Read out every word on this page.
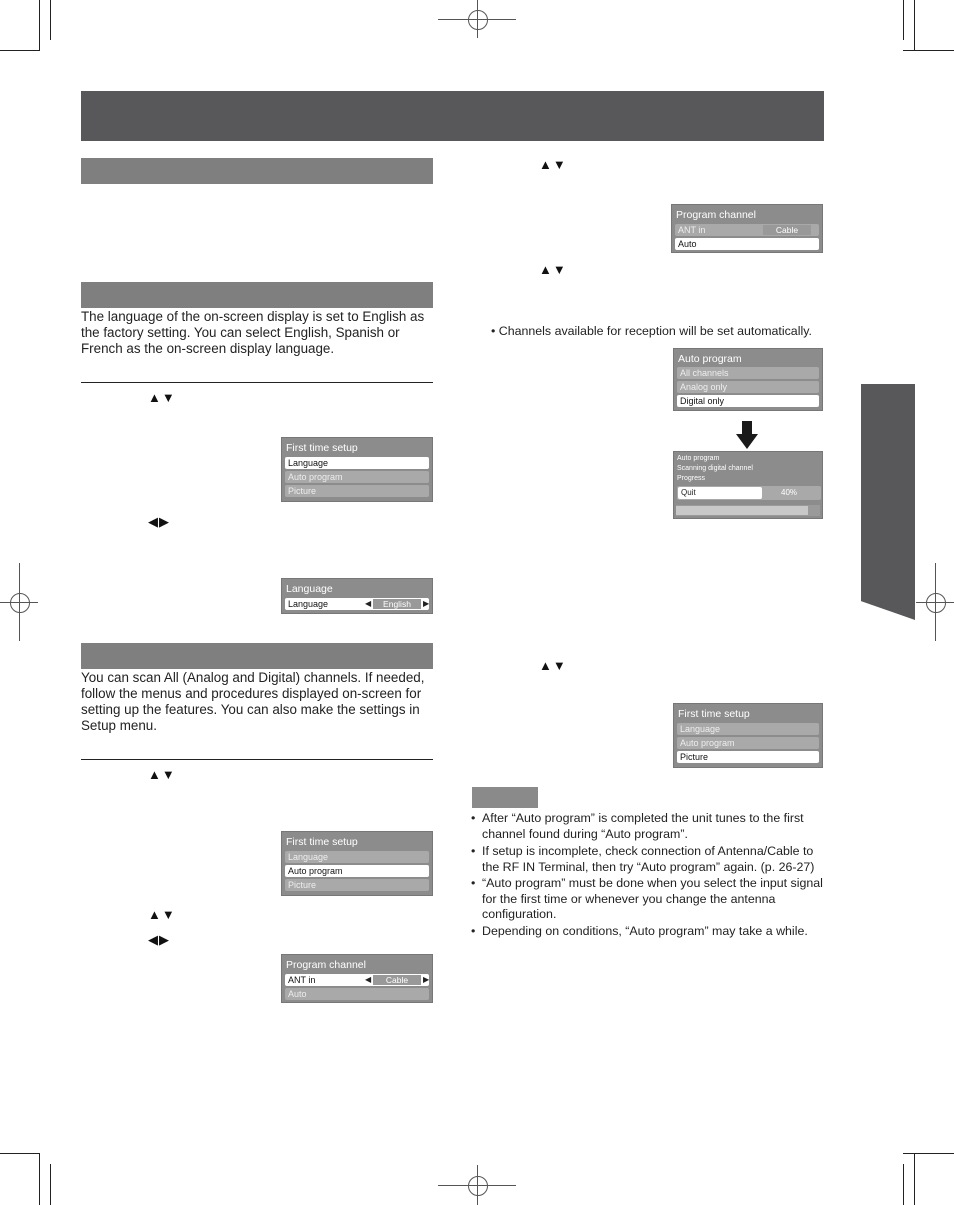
The language of the on-screen display is set to English as the factory setting. You can select English, Spanish or French as the on-screen display language.
▲▼
First time setup
Language
Auto program
Picture
◀▶
Language
Language	◀	English	▶
You can scan All (Analog and Digital) channels. If needed, follow the menus and procedures displayed on-screen for setting up the features. You can also make the settings in Setup menu.
▲▼
First time setup
Language
Auto program
Picture
▲▼
◀▶
Program channel
ANT in	◀	Cable	▶
Auto
▲▼
Program channel
ANT in	Cable
Auto
▲▼
• Channels available for reception will be set automatically.
Auto program
All channels
Analog only
Digital only
Auto program
Scanning digital channel
Progress
Quit	40%
▲▼
First time setup
Language
Auto program
Picture
• After “Auto program” is completed the unit tunes to the first channel found during “Auto program”.
• If setup is incomplete, check connection of Antenna/Cable to the RF IN Terminal, then try “Auto program” again. (p. 26-27)
• “Auto program” must be done when you select the input signal for the first time or whenever you change the antenna configuration.
• Depending on conditions, “Auto program” may take a while.
